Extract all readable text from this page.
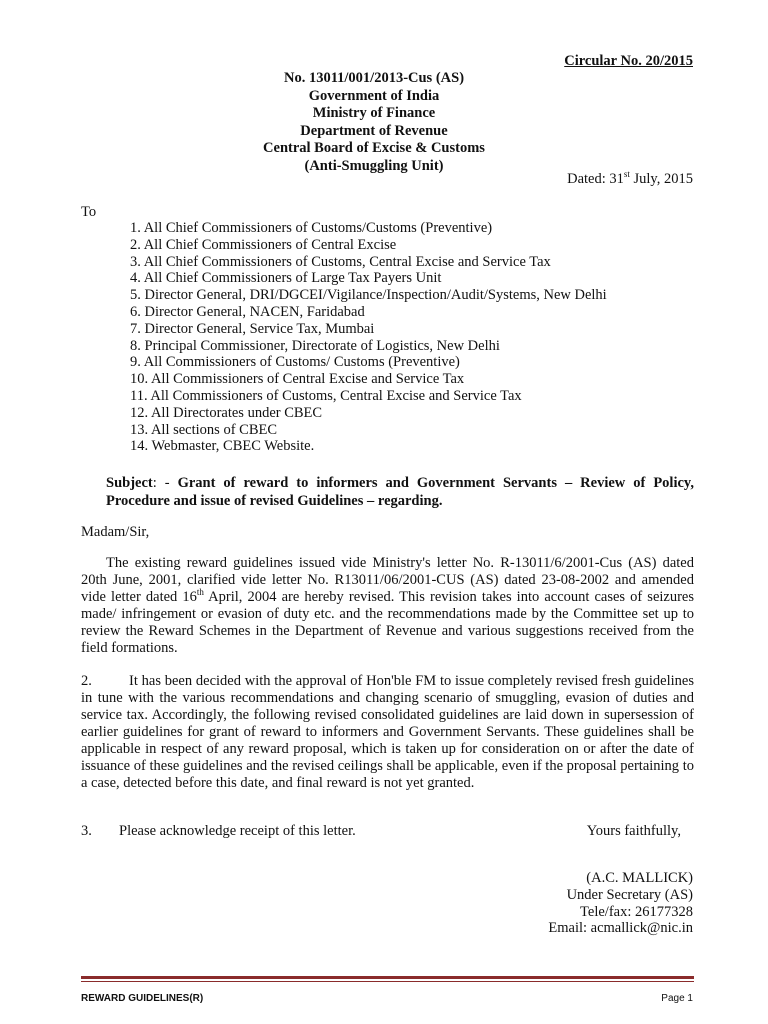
Circular No. 20/2015
No. 13011/001/2013-Cus (AS)
Government of India
Ministry of Finance
Department of Revenue
Central Board of Excise & Customs
(Anti-Smuggling Unit)
Dated: 31st July, 2015
To
1. All Chief Commissioners of Customs/Customs (Preventive)
2. All Chief Commissioners of Central Excise
3. All Chief Commissioners of Customs, Central Excise and Service Tax
4. All Chief Commissioners of Large Tax Payers Unit
5. Director General, DRI/DGCEI/Vigilance/Inspection/Audit/Systems, New Delhi
6. Director General, NACEN, Faridabad
7. Director General, Service Tax, Mumbai
8. Principal Commissioner, Directorate of Logistics, New Delhi
9. All Commissioners of Customs/ Customs (Preventive)
10. All Commissioners of Central Excise and Service Tax
11. All Commissioners of Customs, Central Excise and Service Tax
12. All Directorates under CBEC
13. All sections of CBEC
14. Webmaster, CBEC Website.
Subject: - Grant of reward to informers and Government Servants – Review of Policy, Procedure and issue of revised Guidelines – regarding.
Madam/Sir,
The existing reward guidelines issued vide Ministry's letter No. R-13011/6/2001-Cus (AS) dated 20th June, 2001, clarified vide letter No. R13011/06/2001-CUS (AS) dated 23-08-2002 and amended vide letter dated 16th April, 2004 are hereby revised. This revision takes into account cases of seizures made/ infringement or evasion of duty etc. and the recommendations made by the Committee set up to review the Reward Schemes in the Department of Revenue and various suggestions received from the field formations.
2.	It has been decided with the approval of Hon'ble FM to issue completely revised fresh guidelines in tune with the various recommendations and changing scenario of smuggling, evasion of duties and service tax. Accordingly, the following revised consolidated guidelines are laid down in supersession of earlier guidelines for grant of reward to informers and Government Servants. These guidelines shall be applicable in respect of any reward proposal, which is taken up for consideration on or after the date of issuance of these guidelines and the revised ceilings shall be applicable, even if the proposal pertaining to a case, detected before this date, and final reward is not yet granted.
3. Please acknowledge receipt of this letter.	Yours faithfully,
(A.C. MALLICK)
Under Secretary (AS)
Tele/fax: 26177328
Email: acmallick@nic.in
REWARD GUIDELINES(R)	Page 1
